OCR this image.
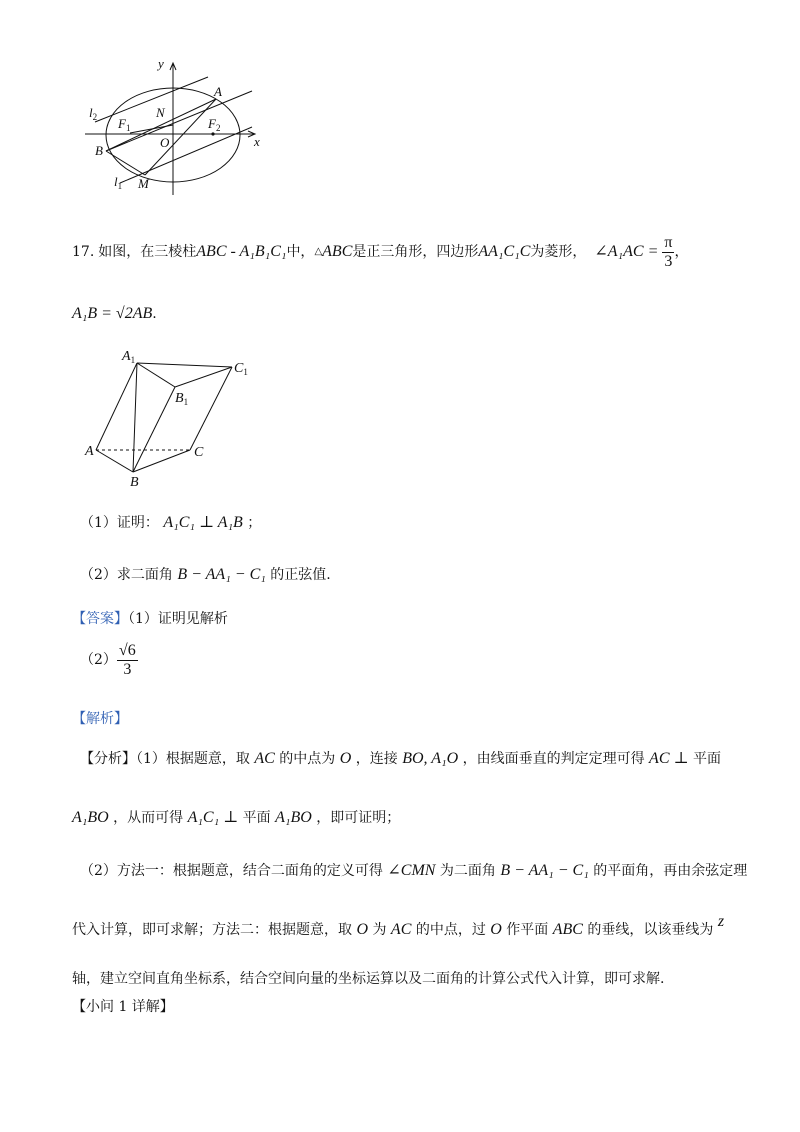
y
x
A
N
$l_2$ $F_1$	$F_2$
O
B
$l_1$ M
17. 如图，在三棱柱 ABC - A₁B₁C₁ 中， △ ABC 是正三角形，四边形 AA₁C₁C 为菱形， ∠A₁AC = $\frac{\pi}{3}$ ，
A₁B = √2AB.
$A_1$
$C_1$
$B_1$
A	C
B
（1）证明： A₁C₁ ⊥ A₁B ；
（2）求二面角 B − AA₁ − C₁ 的正弦值.
【答案】（1）证明见解析
$(2) \frac{√6}{3}$
【解析】
【分析】（1）根据题意，取 AC 的中点为 O ，连接 BO, A₁O ，由线面垂直的判定定理可得 AC ⊥ 平面
A₁BO ，从而可得 A₁C₁ ⊥ 平面 A₁BO ，即可证明；
（2）方法一：根据题意，结合二面角的定义可得 ∠CMN 为二面角 B − AA₁ − C₁ 的平面角，再由余弦定理
代入计算，即可求解；方法二：根据题意，取 O 为 AC 的中点，过 O 作平面 ABC 的垂线，以该垂线为 z
轴，建立空间直角坐标系，结合空间向量的坐标运算以及二面角的计算公式代入计算，即可求解.
【小问 1 详解】
